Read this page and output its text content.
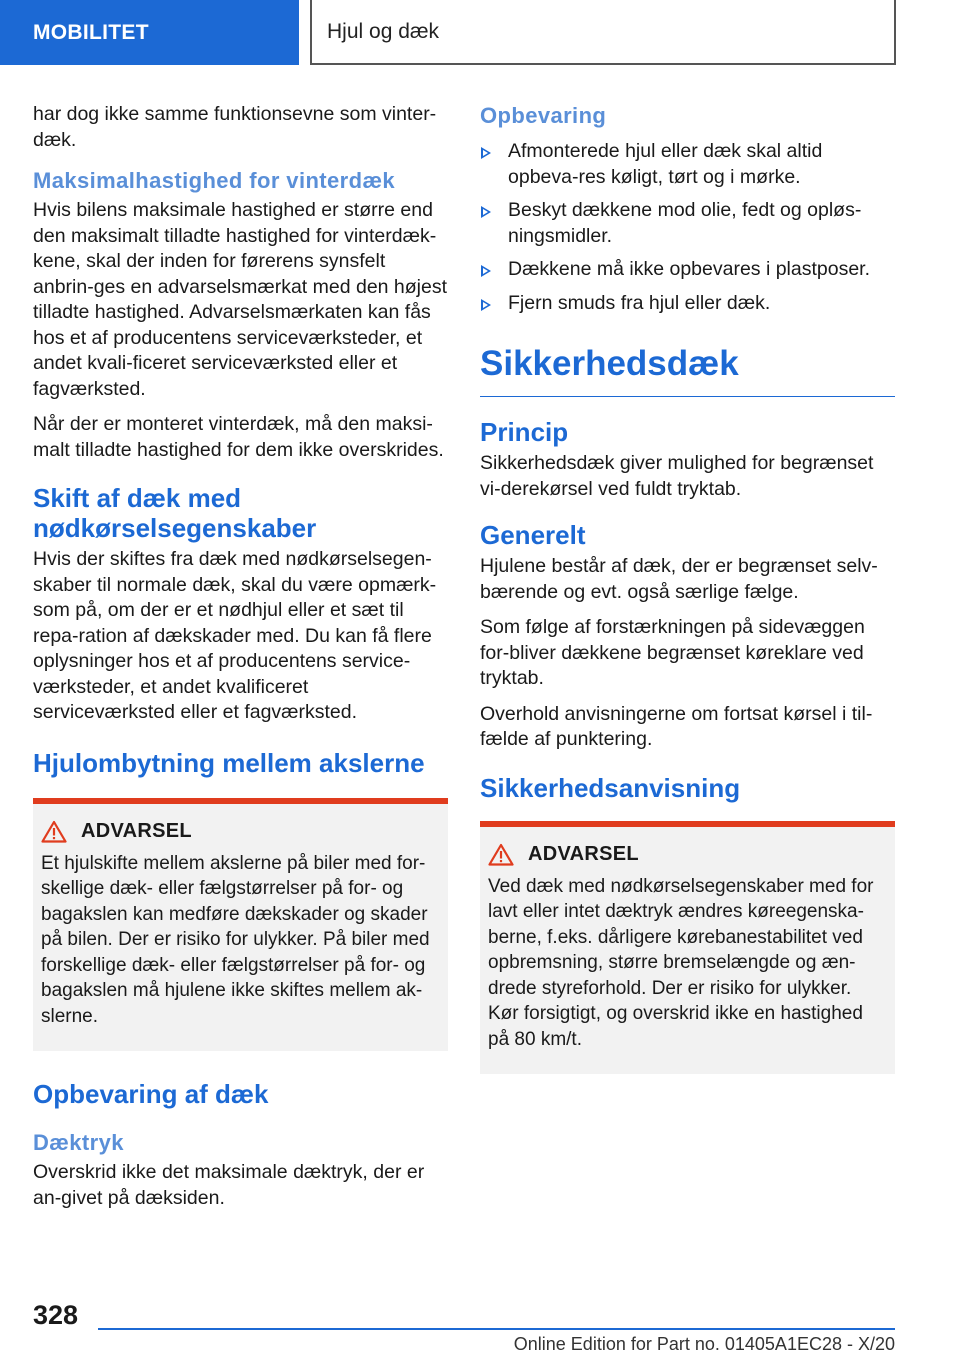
MOBILITET	Hjul og dæk

har dog ikke samme funktionsevne som vinter-dæk.

Maksimalhastighed for vinterdæk

Hvis bilens maksimale hastighed er større end den maksimalt tilladte hastighed for vinterdæk-kene, skal der inden for førerens synsfelt anbrin-ges en advarselsmærkat med den højest tilladte hastighed. Advarselsmærkaten kan fås hos et af producentens serviceværksteder, et andet kvali-ficeret serviceværksted eller et fagværksted.

Når der er monteret vinterdæk, må den maksi-malt tilladte hastighed for dem ikke overskrides.

Skift af dæk med nødkørselsegenskaber

Hvis der skiftes fra dæk med nødkørselsegen-skaber til normale dæk, skal du være opmærk-som på, om der er et nødhjul eller et sæt til repa-ration af dækskader med. Du kan få flere oplysninger hos et af producentens service-værksteder, et andet kvalificeret serviceværksted eller et fagværksted.

Hjulombytning mellem akslerne
ADVARSEL

Et hjulskifte mellem akslerne på biler med for-skellige dæk- eller fælgstørrelser på for- og bagakslen kan medføre dækskader og skader på bilen. Der er risiko for ulykker. På biler med forskellige dæk- eller fælgstørrelser på for- og bagakslen må hjulene ikke skiftes mellem ak-slerne.

Opbevaring af dæk
Dæktryk

Overskrid ikke det maksimale dæktryk, der er an-givet på dæksiden.

Opbevaring
Afmonterede hjul eller dæk skal altid opbeva-res køligt, tørt og i mørke.
Beskyt dækkene mod olie, fedt og opløs-ningsmidler.
Dækkene må ikke opbevares i plastposer.
Fjern smuds fra hjul eller dæk.
Sikkerhedsdæk
Princip

Sikkerhedsdæk giver mulighed for begrænset vi-derekørsel ved fuldt tryktab.

Generelt

Hjulene består af dæk, der er begrænset selv-bærende og evt. også særlige fælge.

Som følge af forstærkningen på sidevæggen for-bliver dækkene begrænset køreklare ved tryktab.

Overhold anvisningerne om fortsat kørsel i til-fælde af punktering.

Sikkerhedsanvisning
ADVARSEL

Ved dæk med nødkørselsegenskaber med for lavt eller intet dæktryk ændres køreegenska-berne, f.eks. dårligere kørebanestabilitet ved opbremsning, større bremselængde og æn-drede styreforhold. Der er risiko for ulykker. Kør forsigtigt, og overskrid ikke en hastighed på 80 km/t.

328
Online Edition for Part no. 01405A1EC28 - X/20
